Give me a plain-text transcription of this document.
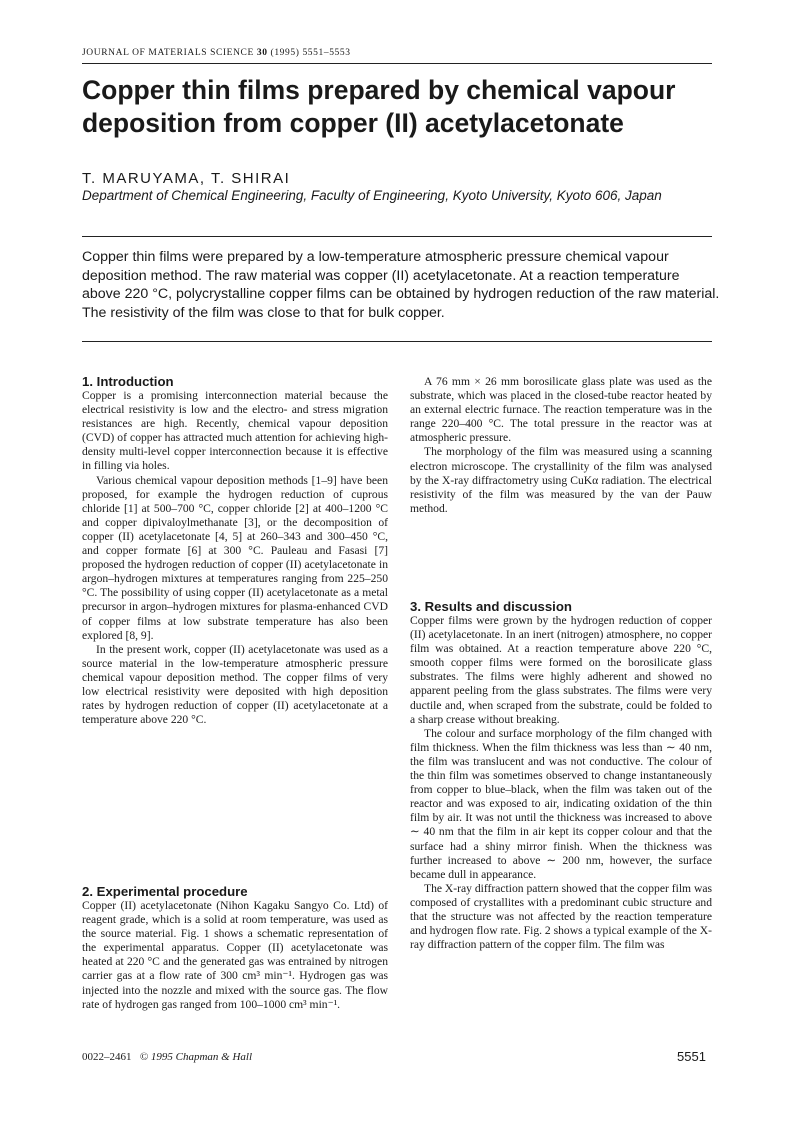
JOURNAL OF MATERIALS SCIENCE 30 (1995) 5551–5553
Copper thin films prepared by chemical vapour deposition from copper (II) acetylacetonate
T. MARUYAMA, T. SHIRAI
Department of Chemical Engineering, Faculty of Engineering, Kyoto University, Kyoto 606, Japan
Copper thin films were prepared by a low-temperature atmospheric pressure chemical vapour deposition method. The raw material was copper (II) acetylacetonate. At a reaction temperature above 220 °C, polycrystalline copper films can be obtained by hydrogen reduction of the raw material. The resistivity of the film was close to that for bulk copper.
1. Introduction

Copper is a promising interconnection material because the electrical resistivity is low and the electro- and stress migration resistances are high. Recently, chemical vapour deposition (CVD) of copper has attracted much attention for achieving high-density multi-level copper interconnection because it is effective in filling via holes.

Various chemical vapour deposition methods [1–9] have been proposed, for example the hydrogen reduction of cuprous chloride [1] at 500–700 °C, copper chloride [2] at 400–1200 °C and copper dipivaloylmethanate [3], or the decomposition of copper (II) acetylacetonate [4, 5] at 260–343 and 300–450 °C, and copper formate [6] at 300 °C. Pauleau and Fasasi [7] proposed the hydrogen reduction of copper (II) acetylacetonate in argon–hydrogen mixtures at temperatures ranging from 225–250 °C. The possibility of using copper (II) acetylacetonate as a metal precursor in argon–hydrogen mixtures for plasma-enhanced CVD of copper films at low substrate temperature has also been explored [8, 9].

In the present work, copper (II) acetylacetonate was used as a source material in the low-temperature atmospheric pressure chemical vapour deposition method. The copper films of very low electrical resistivity were deposited with high deposition rates by hydrogen reduction of copper (II) acetylacetonate at a temperature above 220 °C.

2. Experimental procedure

Copper (II) acetylacetonate (Nihon Kagaku Sangyo Co. Ltd) of reagent grade, which is a solid at room temperature, was used as the source material. Fig. 1 shows a schematic representation of the experimental apparatus. Copper (II) acetylacetonate was heated at 220 °C and the generated gas was entrained by nitrogen carrier gas at a flow rate of 300 cm³ min⁻¹. Hydrogen gas was injected into the nozzle and mixed with the source gas. The flow rate of hydrogen gas ranged from 100–1000 cm³ min⁻¹.

A 76 mm × 26 mm borosilicate glass plate was used as the substrate, which was placed in the closed-tube reactor heated by an external electric furnace. The reaction temperature was in the range 220–400 °C. The total pressure in the reactor was at atmospheric pressure.

The morphology of the film was measured using a scanning electron microscope. The crystallinity of the film was analysed by the X-ray diffractometry using CuKα radiation. The electrical resistivity of the film was measured by the van der Pauw method.

3. Results and discussion

Copper films were grown by the hydrogen reduction of copper (II) acetylacetonate. In an inert (nitrogen) atmosphere, no copper film was obtained. At a reaction temperature above 220 °C, smooth copper films were formed on the borosilicate glass substrates. The films were highly adherent and showed no apparent peeling from the glass substrates. The films were very ductile and, when scraped from the substrate, could be folded to a sharp crease without breaking.

The colour and surface morphology of the film changed with film thickness. When the film thickness was less than ∼ 40 nm, the film was translucent and was not conductive. The colour of the thin film was sometimes observed to change instantaneously from copper to blue–black, when the film was taken out of the reactor and was exposed to air, indicating oxidation of the thin film by air. It was not until the thickness was increased to above ∼ 40 nm that the film in air kept its copper colour and that the surface had a shiny mirror finish. When the thickness was further increased to above ∼ 200 nm, however, the surface became dull in appearance.

The X-ray diffraction pattern showed that the copper film was composed of crystallites with a predominant cubic structure and that the structure was not affected by the reaction temperature and hydrogen flow rate. Fig. 2 shows a typical example of the X-ray diffraction pattern of the copper film. The film was

0022–2461 © 1995 Chapman & Hall	5551
